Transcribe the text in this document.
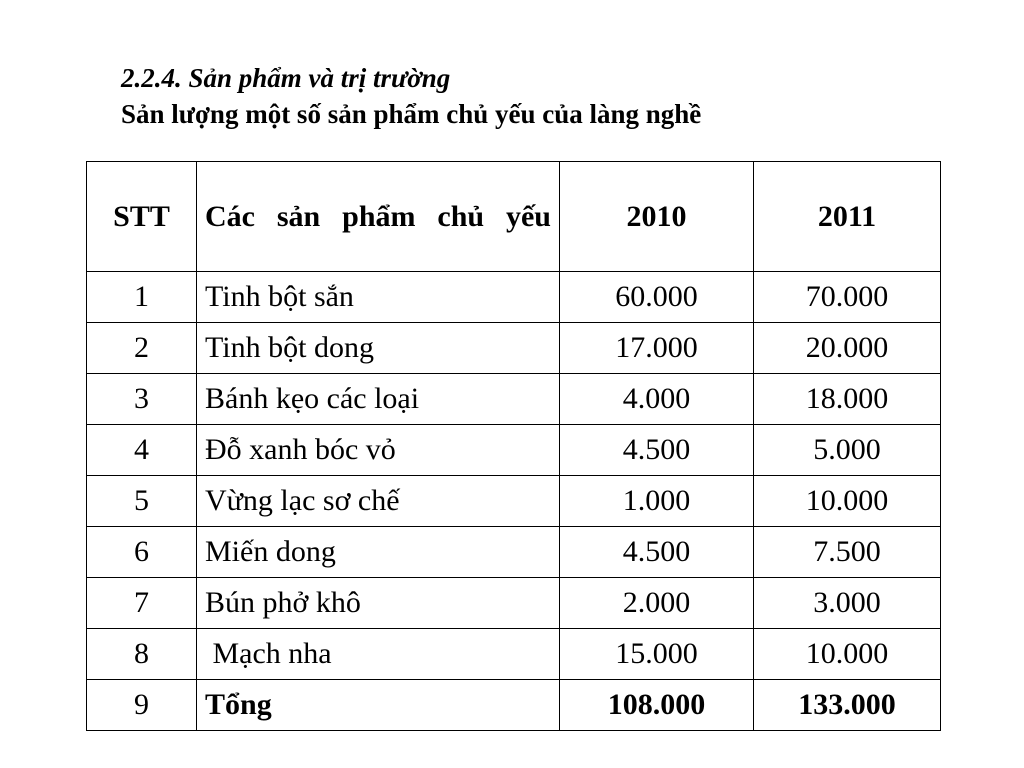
2.2.4. Sản phẩm và trị trường
Sản lượng một số sản phẩm chủ yếu của làng nghề
STT	Các sản phẩm chủ yếu	2010	2011
1	Tinh bột sắn	60.000	70.000
2	Tinh bột dong	17.000	20.000
3	Bánh kẹo các loại	4.000	18.000
4	Đỗ xanh bóc vỏ	4.500	5.000
5	Vừng lạc sơ chế	1.000	10.000
6	Miến dong	4.500	7.500
7	Bún phở khô	2.000	3.000
8	Mạch nha	15.000	10.000
9	Tổng	108.000	133.000
